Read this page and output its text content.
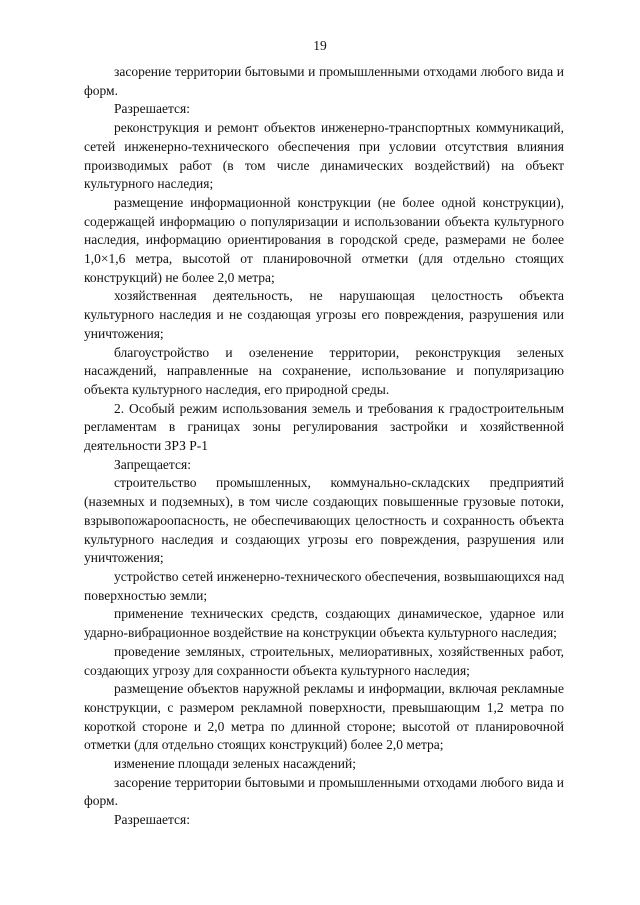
19

засорение территории бытовыми и промышленными отходами любого вида и форм.

Разрешается:

реконструкция и ремонт объектов инженерно-транспортных коммуникаций, сетей инженерно-технического обеспечения при условии отсутствия влияния производимых работ (в том числе динамических воздействий) на объект культурного наследия;

размещение информационной конструкции (не более одной конструкции), содержащей информацию о популяризации и использовании объекта культурного наследия, информацию ориентирования в городской среде, размерами не более 1,0×1,6 метра, высотой от планировочной отметки (для отдельно стоящих конструкций) не более 2,0 метра;

хозяйственная деятельность, не нарушающая целостность объекта культурного наследия и не создающая угрозы его повреждения, разрушения или уничтожения;

благоустройство и озеленение территории, реконструкция зеленых насаждений, направленные на сохранение, использование и популяризацию объекта культурного наследия, его природной среды.

2. Особый режим использования земель и требования к градостроительным регламентам в границах зоны регулирования застройки и хозяйственной деятельности ЗРЗ Р-1

Запрещается:

строительство промышленных, коммунально-складских предприятий (наземных и подземных), в том числе создающих повышенные грузовые потоки, взрывопожароопасность, не обеспечивающих целостность и сохранность объекта культурного наследия и создающих угрозы его повреждения, разрушения или уничтожения;

устройство сетей инженерно-технического обеспечения, возвышающихся над поверхностью земли;

применение технических средств, создающих динамическое, ударное или ударно-вибрационное воздействие на конструкции объекта культурного наследия;

проведение земляных, строительных, мелиоративных, хозяйственных работ, создающих угрозу для сохранности объекта культурного наследия;

размещение объектов наружной рекламы и информации, включая рекламные конструкции, с размером рекламной поверхности, превышающим 1,2 метра по короткой стороне и 2,0 метра по длинной стороне; высотой от планировочной отметки (для отдельно стоящих конструкций) более 2,0 метра;

изменение площади зеленых насаждений;

засорение территории бытовыми и промышленными отходами любого вида и форм.

Разрешается:
